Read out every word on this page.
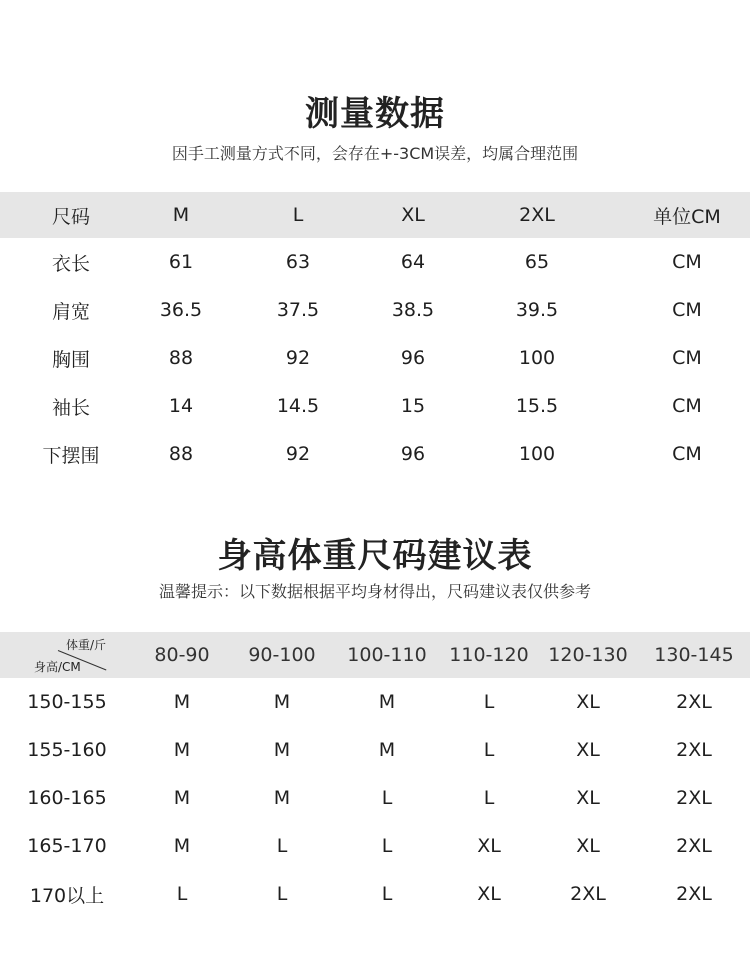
测量数据
因手工测量方式不同，会存在+-3CM误差，均属合理范围
尺码	M	L	XL	2XL	单位CM
衣长	61	63	64	65	CM
肩宽	36.5	37.5	38.5	39.5	CM
胸围	88	92	96	100	CM
袖长	14	14.5	15	15.5	CM
下摆围	88	92	96	100	CM
身高体重尺码建议表
温馨提示：以下数据根据平均身材得出，尺码建议表仅供参考
体重/斤
身高/CM	80-90	90-100	100-110	110-120	120-130	130-145
150-155	M	M	M	L	XL	2XL
155-160	M	M	M	L	XL	2XL
160-165	M	M	L	L	XL	2XL
165-170	M	L	L	XL	XL	2XL
170以上	L	L	L	XL	2XL	2XL
